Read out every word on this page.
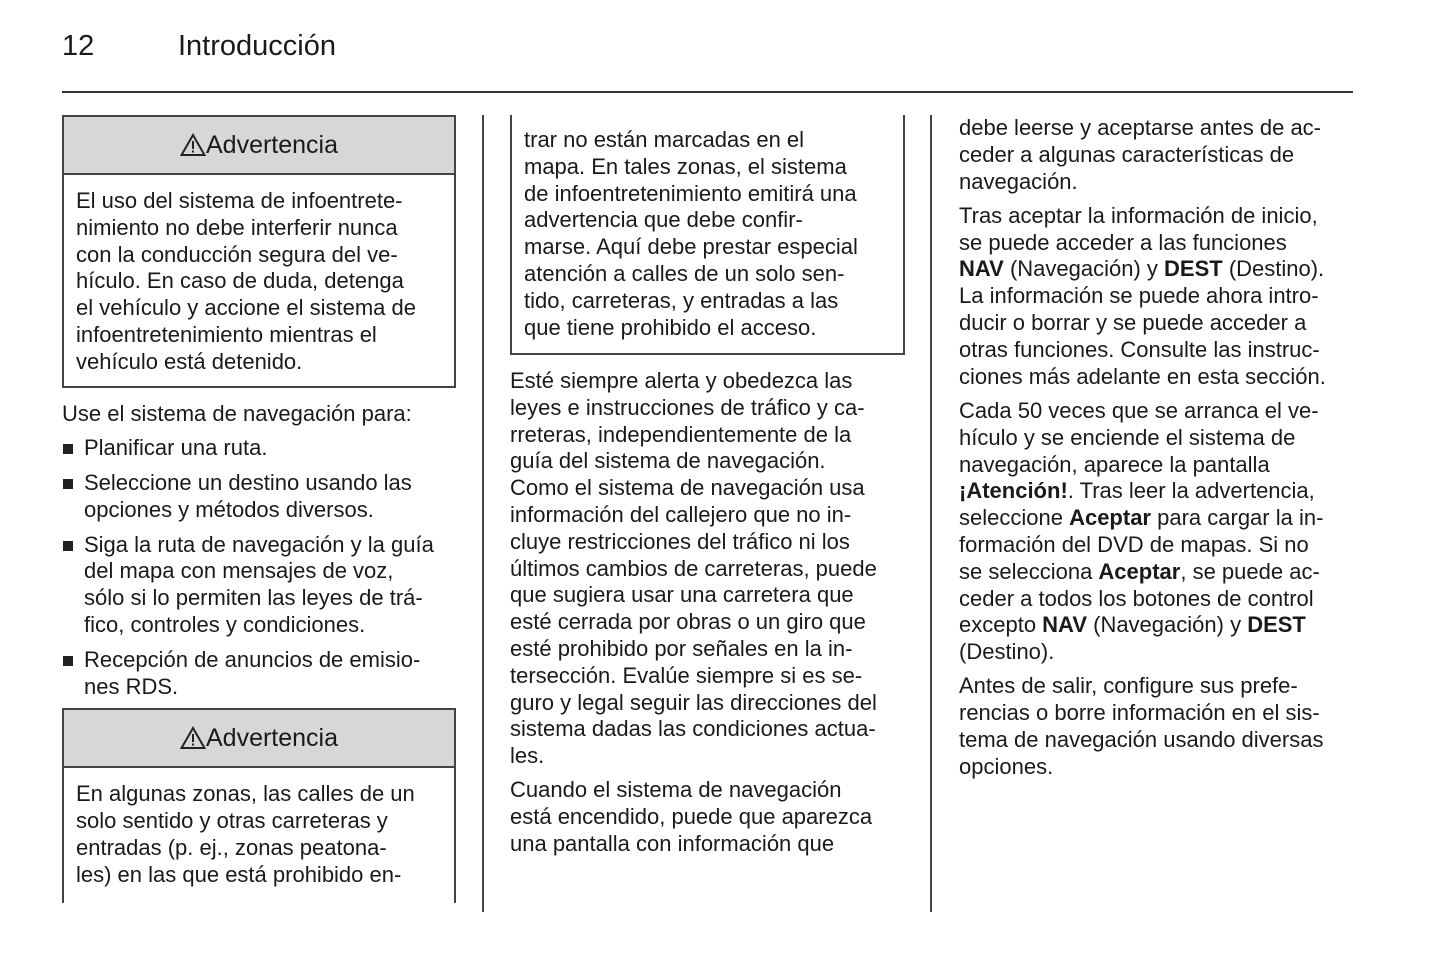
12	Introducción
Advertencia
El uso del sistema de infoentrete-
nimiento no debe interferir nunca
con la conducción segura del ve-
hículo. En caso de duda, detenga
el vehículo y accione el sistema de
infoentretenimiento mientras el
vehículo está detenido.
Use el sistema de navegación para:
Planificar una ruta.
Seleccione un destino usando las
opciones y métodos diversos.
Siga la ruta de navegación y la guía
del mapa con mensajes de voz,
sólo si lo permiten las leyes de trá-
fico, controles y condiciones.
Recepción de anuncios de emisio-
nes RDS.
Advertencia
En algunas zonas, las calles de un
solo sentido y otras carreteras y
entradas (p. ej., zonas peatona-
les) en las que está prohibido en-
trar no están marcadas en el
mapa. En tales zonas, el sistema
de infoentretenimiento emitirá una
advertencia que debe confir-
marse. Aquí debe prestar especial
atención a calles de un solo sen-
tido, carreteras, y entradas a las
que tiene prohibido el acceso.
Esté siempre alerta y obedezca las
leyes e instrucciones de tráfico y ca-
rreteras, independientemente de la
guía del sistema de navegación.
Como el sistema de navegación usa
información del callejero que no in-
cluye restricciones del tráfico ni los
últimos cambios de carreteras, puede
que sugiera usar una carretera que
esté cerrada por obras o un giro que
esté prohibido por señales en la in-
tersección. Evalúe siempre si es se-
guro y legal seguir las direcciones del
sistema dadas las condiciones actua-
les.
Cuando el sistema de navegación
está encendido, puede que aparezca
una pantalla con información que
debe leerse y aceptarse antes de ac-
ceder a algunas características de
navegación.
Tras aceptar la información de inicio,
se puede acceder a las funciones
NAV (Navegación) y DEST (Destino).
La información se puede ahora intro-
ducir o borrar y se puede acceder a
otras funciones. Consulte las instruc-
ciones más adelante en esta sección.
Cada 50 veces que se arranca el ve-
hículo y se enciende el sistema de
navegación, aparece la pantalla
¡Atención!. Tras leer la advertencia,
seleccione Aceptar para cargar la in-
formación del DVD de mapas. Si no
se selecciona Aceptar, se puede ac-
ceder a todos los botones de control
excepto NAV (Navegación) y DEST
(Destino).
Antes de salir, configure sus prefe-
rencias o borre información en el sis-
tema de navegación usando diversas
opciones.
